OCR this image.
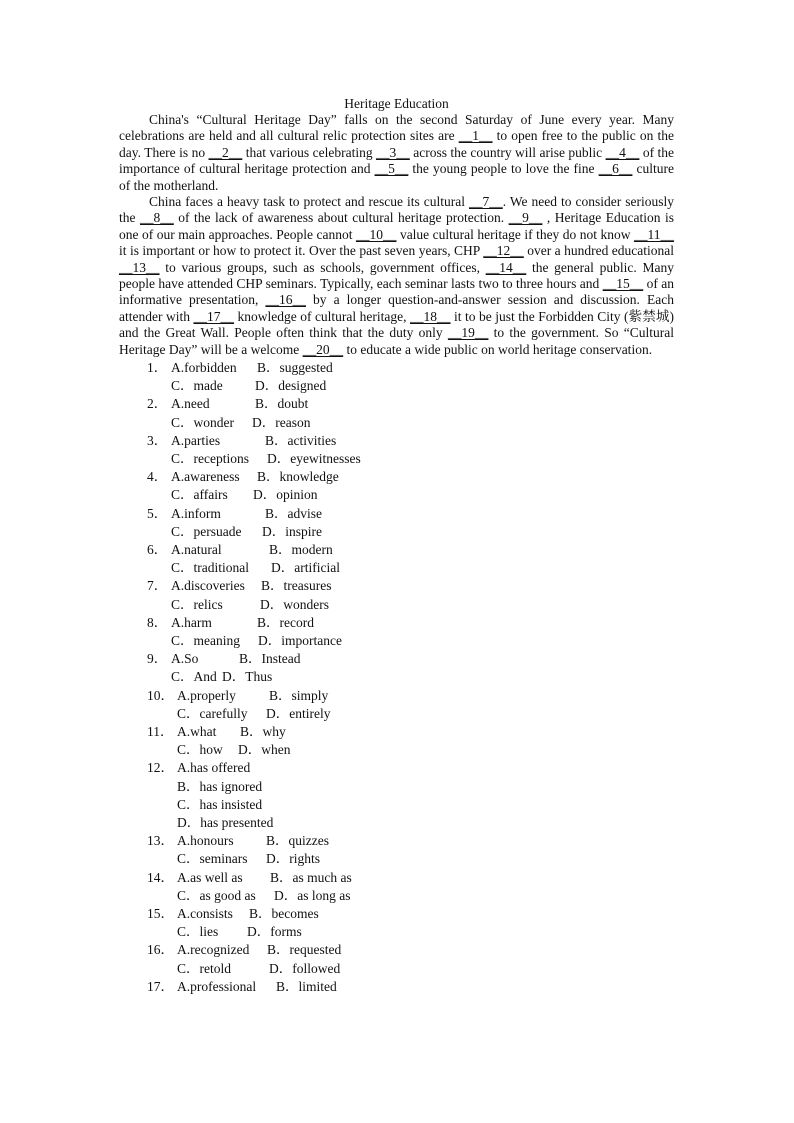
Heritage Education

China's “Cultural Heritage Day” falls on the second Saturday of June every year. Many celebrations are held and all cultural relic protection sites are __1__ to open free to the public on the day. There is no __2__ that various celebrating __3__ across the country will arise public __4__ of the importance of cultural heritage protection and __5__ the young people to love the fine __6__ culture of the motherland.

China faces a heavy task to protect and rescue its cultural __7__. We need to consider seriously the __8__ of the lack of awareness about cultural heritage protection. __9__ , Heritage Education is one of our main approaches. People cannot __10__ value cultural heritage if they do not know __11__ it is important or how to protect it. Over the past seven years, CHP __12__ over a hundred educational __13__ to various groups, such as schools, government offices, __14__ the general public. Many people have attended CHP seminars. Typically, each seminar lasts two to three hours and __15__ of an informative presentation, __16__ by a longer question-and-answer session and discussion. Each attender with __17__ knowledge of cultural heritage, __18__ it to be just the Forbidden City (紫禁城) and the Great Wall. People often think that the duty only __19__ to the government. So “Cultural Heritage Day” will be a welcome __20__ to educate a wide public on world heritage conservation.

1． A.forbidden B．suggested
C．made D．designed
2． A.need	B．doubt
C．wonder D．reason
3． A.parties	B．activities
C．receptions D．eyewitnesses
4． A.awareness B．knowledge
C．affairs D．opinion
5． A.inform	B．advise
C．persuade D．inspire
6． A.natural	B．modern
C．traditional D．artificial
7． A.discoveries B．treasures
C．relics	D．wonders
8． A.harm	B．record
C．meaning D．importance
9． A.So	B．Instead
C．And D．Thus
10． A.properly B．simply
C．carefully D．entirely
11． A.what B．why
C．how D．when
12． A.has offered
B．has ignored
C．has insisted
D．has presented
13． A.honours B．quizzes
C．seminars D．rights
14． A.as well as B．as much as
C．as good as D．as long as
15． A.consists B．becomes
C．lies D．forms
16． A.recognized B．requested
C．retold	D．followed
17． A.professional B．limited
